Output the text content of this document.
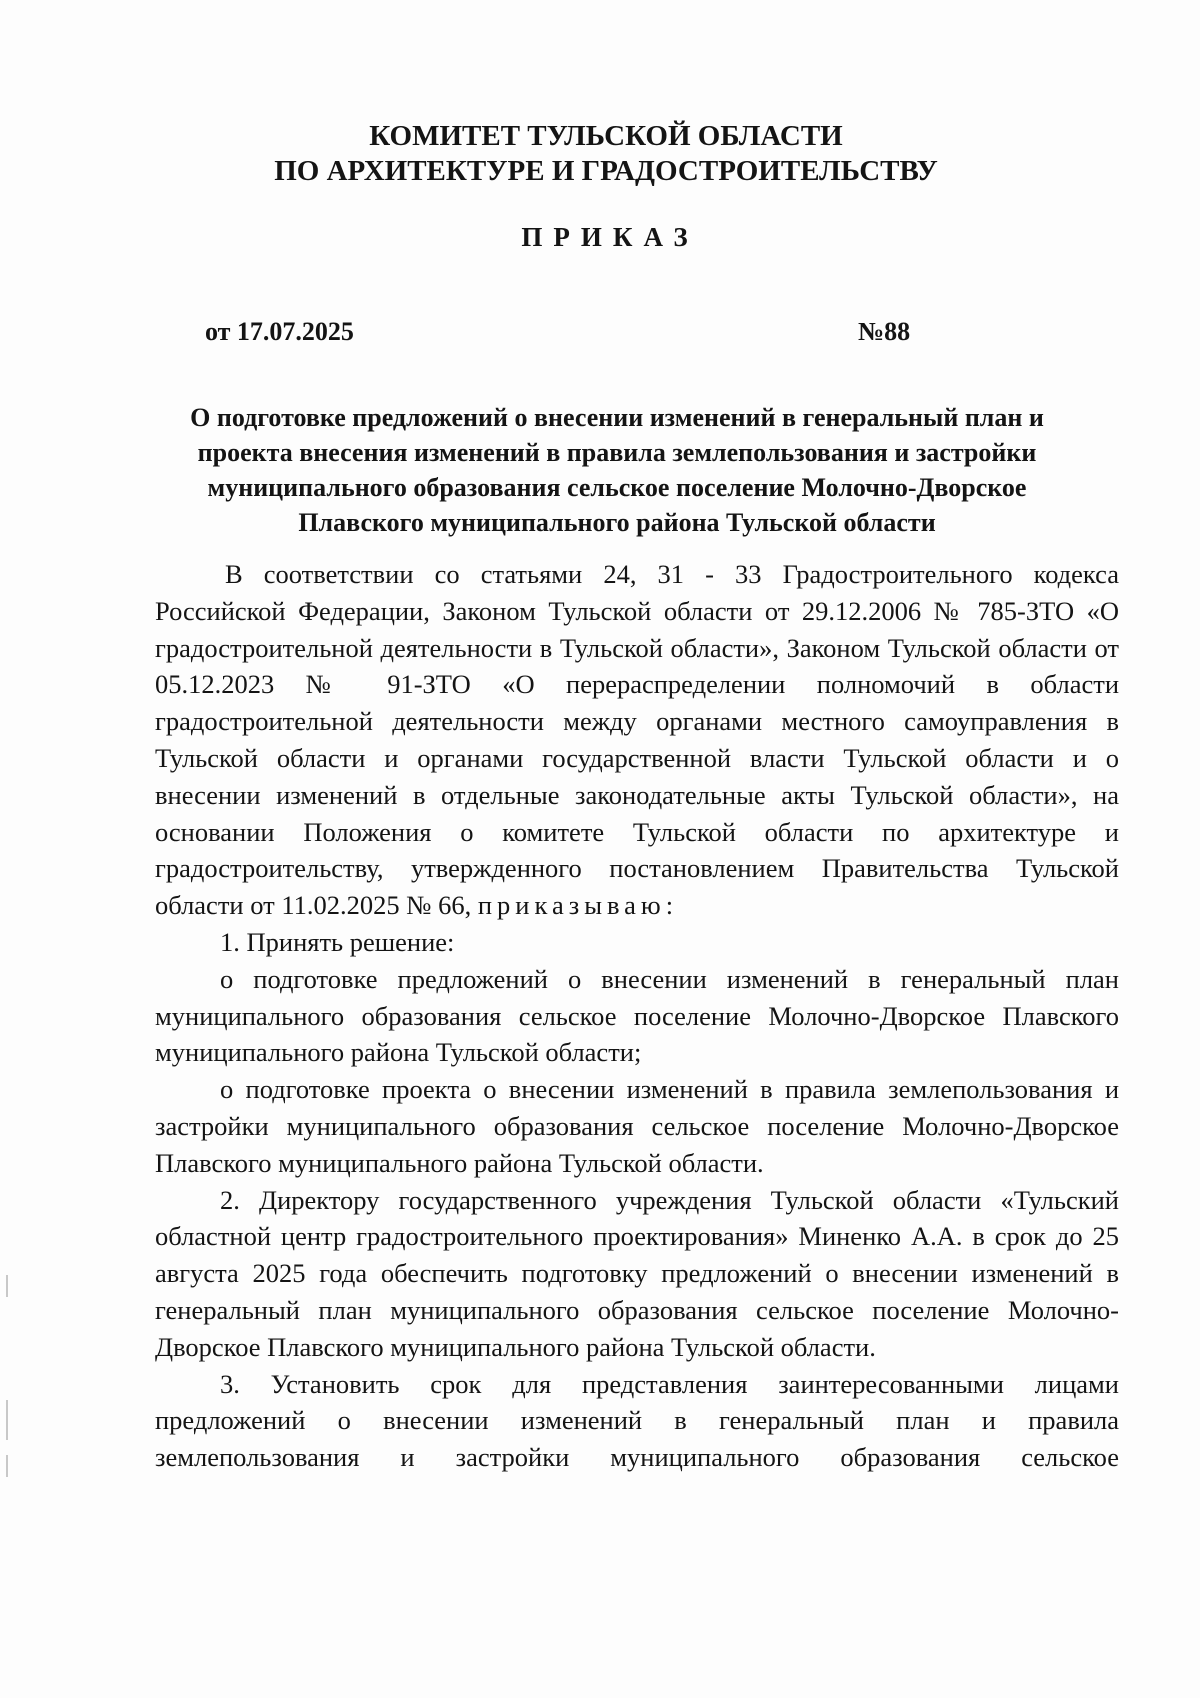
КОМИТЕТ ТУЛЬСКОЙ ОБЛАСТИ
ПО АРХИТЕКТУРЕ И ГРАДОСТРОИТЕЛЬСТВУ
ПРИКАЗ
от 17.07.2025	№88
О подготовке предложений о внесении изменений в генеральный план и
проекта внесения изменений в правила землепользования и застройки
муниципального образования сельское поселение Молочно-Дворское
Плавского муниципального района Тульской области

В соответствии со статьями 24, 31 - 33 Градостроительного кодекса Российской Федерации, Законом Тульской области от 29.12.2006 № 785-ЗТО «О градостроительной деятельности в Тульской области», Законом Тульской области от 05.12.2023 № 91-ЗТО «О перераспределении полномочий в области градостроительной деятельности между органами местного самоуправления в Тульской области и органами государственной власти Тульской области и о внесении изменений в отдельные законодательные акты Тульской области», на основании Положения о комитете Тульской области по архитектуре и градостроительству, утвержденного постановлением Правительства Тульской области от 11.02.2025 № 66, приказываю:

1. Принять решение:

о подготовке предложений о внесении изменений в генеральный план муниципального образования сельское поселение Молочно-Дворское Плавского муниципального района Тульской области;

о подготовке проекта о внесении изменений в правила землепользования и застройки муниципального образования сельское поселение Молочно-Дворское Плавского муниципального района Тульской области.

2. Директору государственного учреждения Тульской области «Тульский областной центр градостроительного проектирования» Миненко А.А. в срок до 25 августа 2025 года обеспечить подготовку предложений о внесении изменений в генеральный план муниципального образования сельское поселение Молочно-Дворское Плавского муниципального района Тульской области.

3. Установить срок для представления заинтересованными лицами предложений о внесении изменений в генеральный план и правила землепользования и застройки муниципального образования сельское
